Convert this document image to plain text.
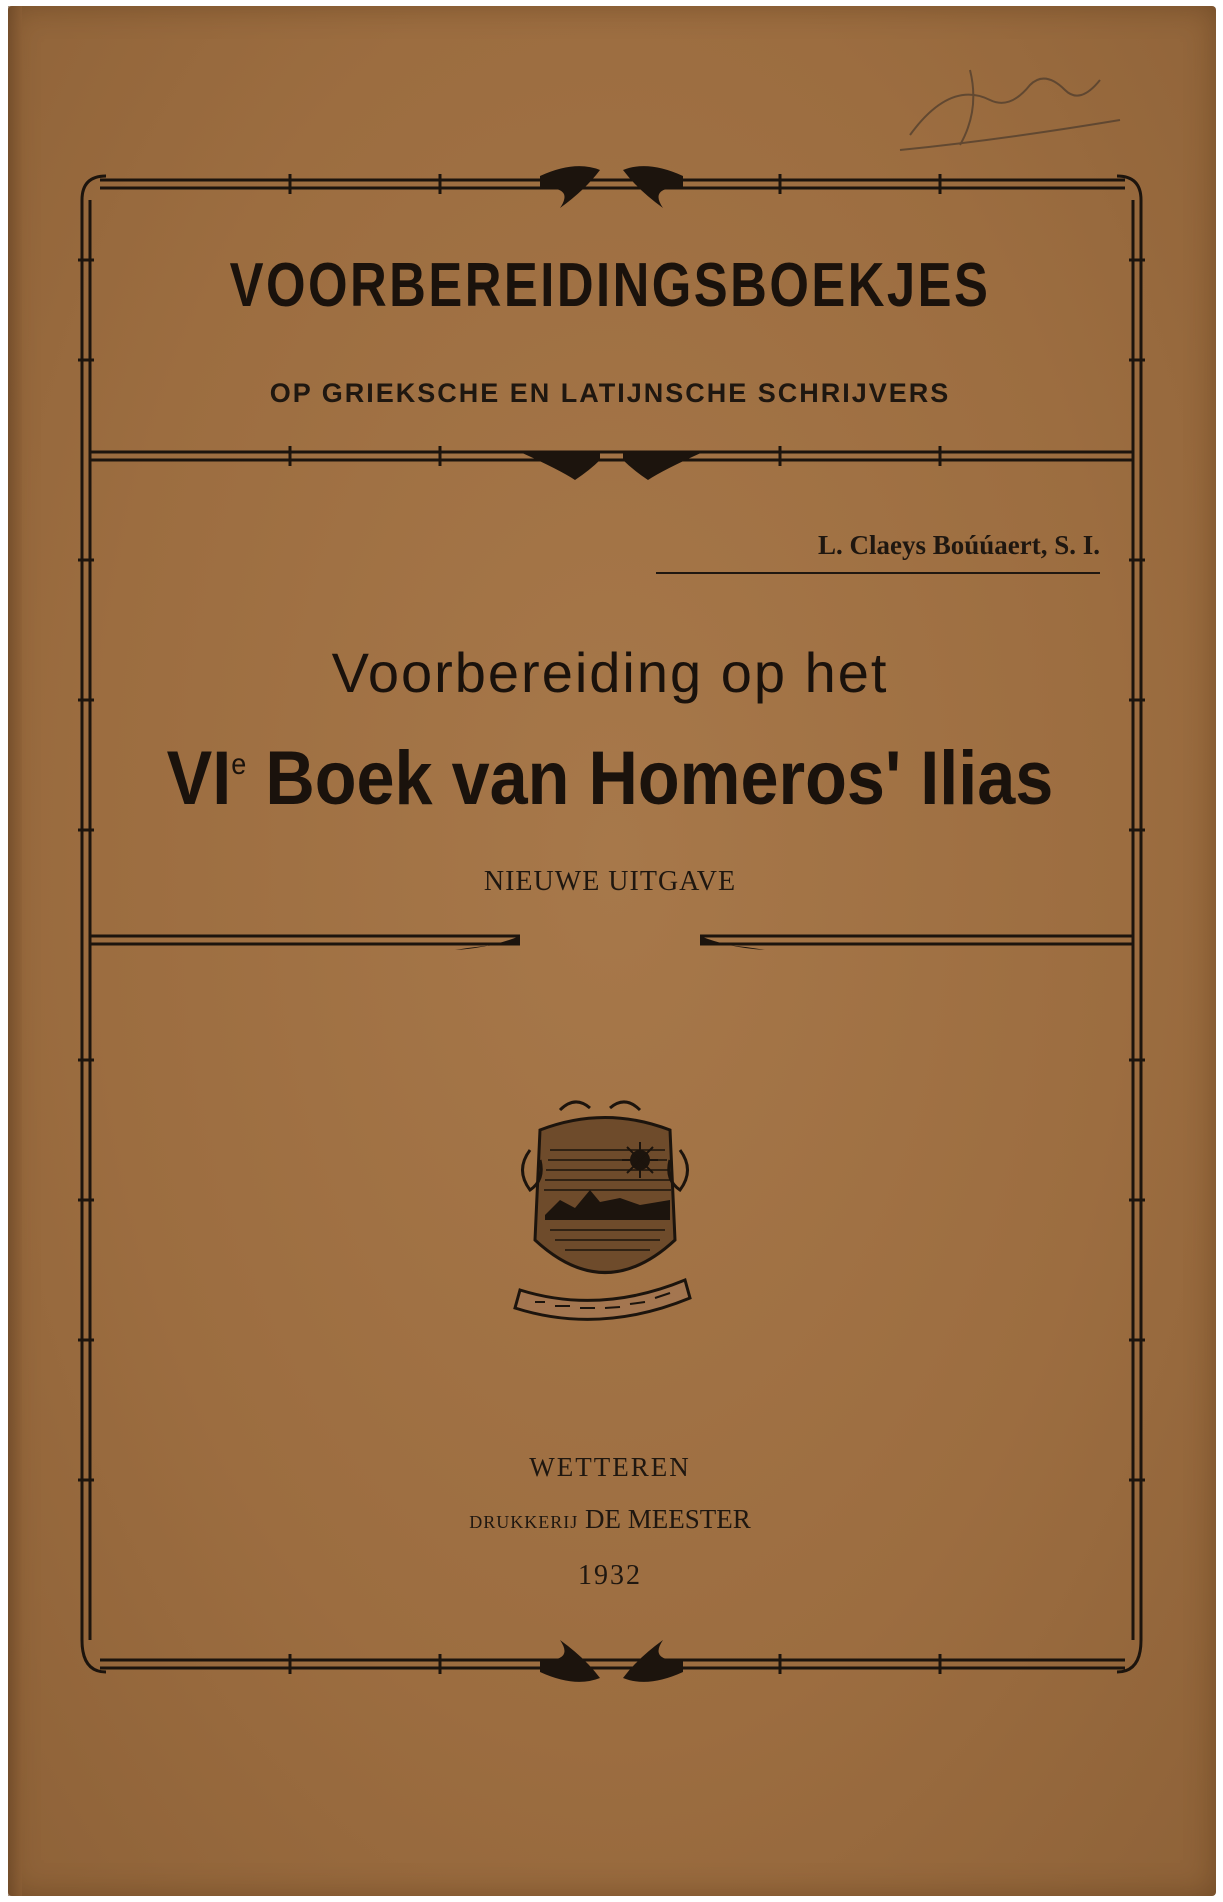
VOORBEREIDINGSBOEKJES
OP GRIEKSCHE EN LATIJNSCHE SCHRIJVERS
L. Claeys Boúúaert, S. I.
Voorbereiding op het
VIe Boek van Homeros' Ilias
NIEUWE UITGAVE
WETTEREN
DRUKKERIJ DE MEESTER
1932
